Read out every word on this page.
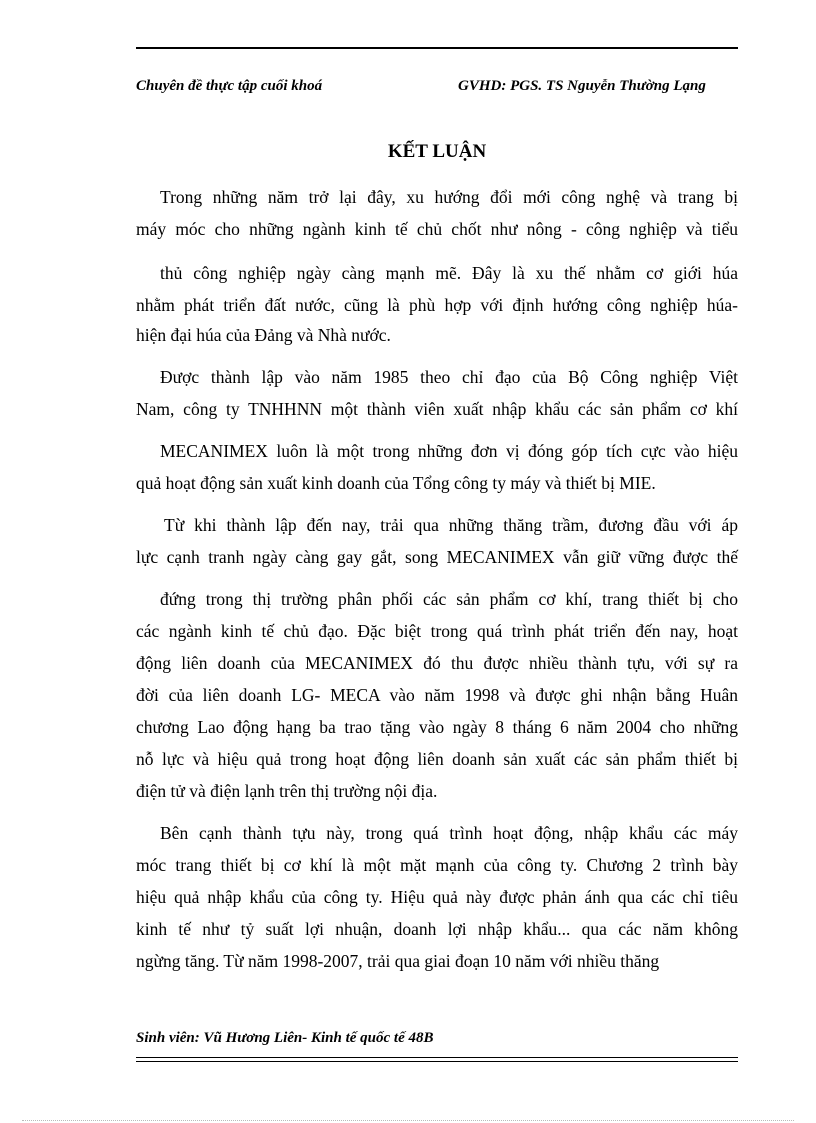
Chuyên đề thực tập cuối khoá	GVHD: PGS. TS Nguyễn Thường Lạng
KẾT LUẬN
Trong những năm trở lại đây, xu hướng đổi mới công nghệ và trang bị
máy móc cho những ngành kinh tế chủ chốt như nông - công nghiệp và tiểu
thủ công nghiệp ngày càng mạnh mẽ. Đây là xu thế nhằm cơ giới húa
nhằm phát triển đất nước, cũng là phù hợp với định hướng công nghiệp húa-
hiện đại húa của Đảng và Nhà nước.
Được thành lập vào năm 1985 theo chỉ đạo của Bộ Công nghiệp Việt
Nam, công ty TNHHNN một thành viên xuất nhập khẩu các sản phẩm cơ khí
MECANIMEX luôn là một trong những đơn vị đóng góp tích cực vào hiệu
quả hoạt động sản xuất kinh doanh của Tổng công ty máy và thiết bị MIE.
Từ khi thành lập đến nay, trải qua những thăng trầm, đương đầu với áp
lực cạnh tranh ngày càng gay gắt, song MECANIMEX vẫn giữ vững được thế
đứng trong thị trường phân phối các sản phẩm cơ khí, trang thiết bị cho
các ngành kinh tế chủ đạo. Đặc biệt trong quá trình phát triển đến nay, hoạt
động liên doanh của MECANIMEX đó thu được nhiều thành tựu, với sự ra
đời của liên doanh LG- MECA vào năm 1998 và được ghi nhận bằng Huân
chương Lao động hạng ba trao tặng vào ngày 8 tháng 6 năm 2004 cho những
nỗ lực và hiệu quả trong hoạt động liên doanh sản xuất các sản phẩm thiết bị
điện tử và điện lạnh trên thị trường nội địa.
Bên cạnh thành tựu này, trong quá trình hoạt động, nhập khẩu các máy
móc trang thiết bị cơ khí là một mặt mạnh của công ty. Chương 2 trình bày
hiệu quả nhập khẩu của công ty. Hiệu quả này được phản ánh qua các chỉ tiêu
kinh tế như tỷ suất lợi nhuận, doanh lợi nhập khẩu... qua các năm không
ngừng tăng. Từ năm 1998-2007, trải qua giai đoạn 10 năm với nhiều thăng
Sinh viên: Vũ Hương Liên- Kinh tế quốc tế 48B
